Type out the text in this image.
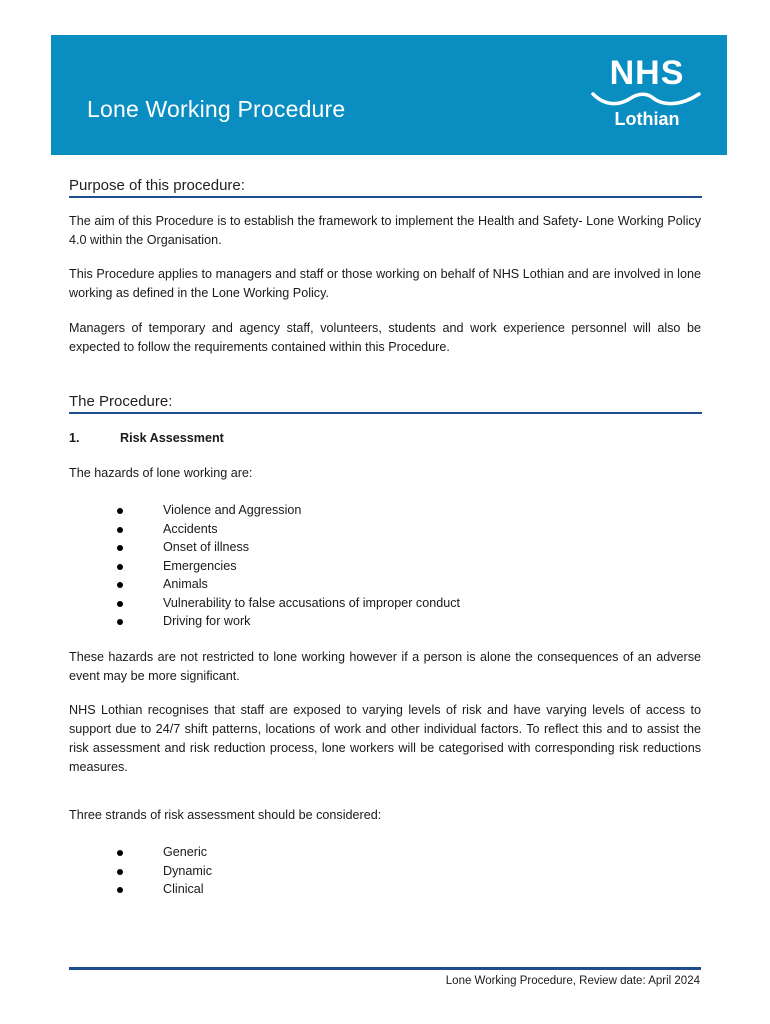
Lone Working Procedure
NHS
Lothian
Purpose of this procedure:

The aim of this Procedure is to establish the framework to implement the Health and Safety- Lone Working Policy 4.0 within the Organisation.

This Procedure applies to managers and staff or those working on behalf of NHS Lothian and are involved in lone working as defined in the Lone Working Policy.

Managers of temporary and agency staff, volunteers, students and work experience personnel will also be expected to follow the requirements contained within this Procedure.

The Procedure:
1.	Risk Assessment

The hazards of lone working are:

Violence and Aggression
Accidents
Onset of illness
Emergencies
Animals
Vulnerability to false accusations of improper conduct
Driving for work

These hazards are not restricted to lone working however if a person is alone the consequences of an adverse event may be more significant.

NHS Lothian recognises that staff are exposed to varying levels of risk and have varying levels of access to support due to 24/7 shift patterns, locations of work and other individual factors. To reflect this and to assist the risk assessment and risk reduction process, lone workers will be categorised with corresponding risk reductions measures.

Three strands of risk assessment should be considered:

Generic
Dynamic
Clinical
Lone Working Procedure, Review date: April 2024
